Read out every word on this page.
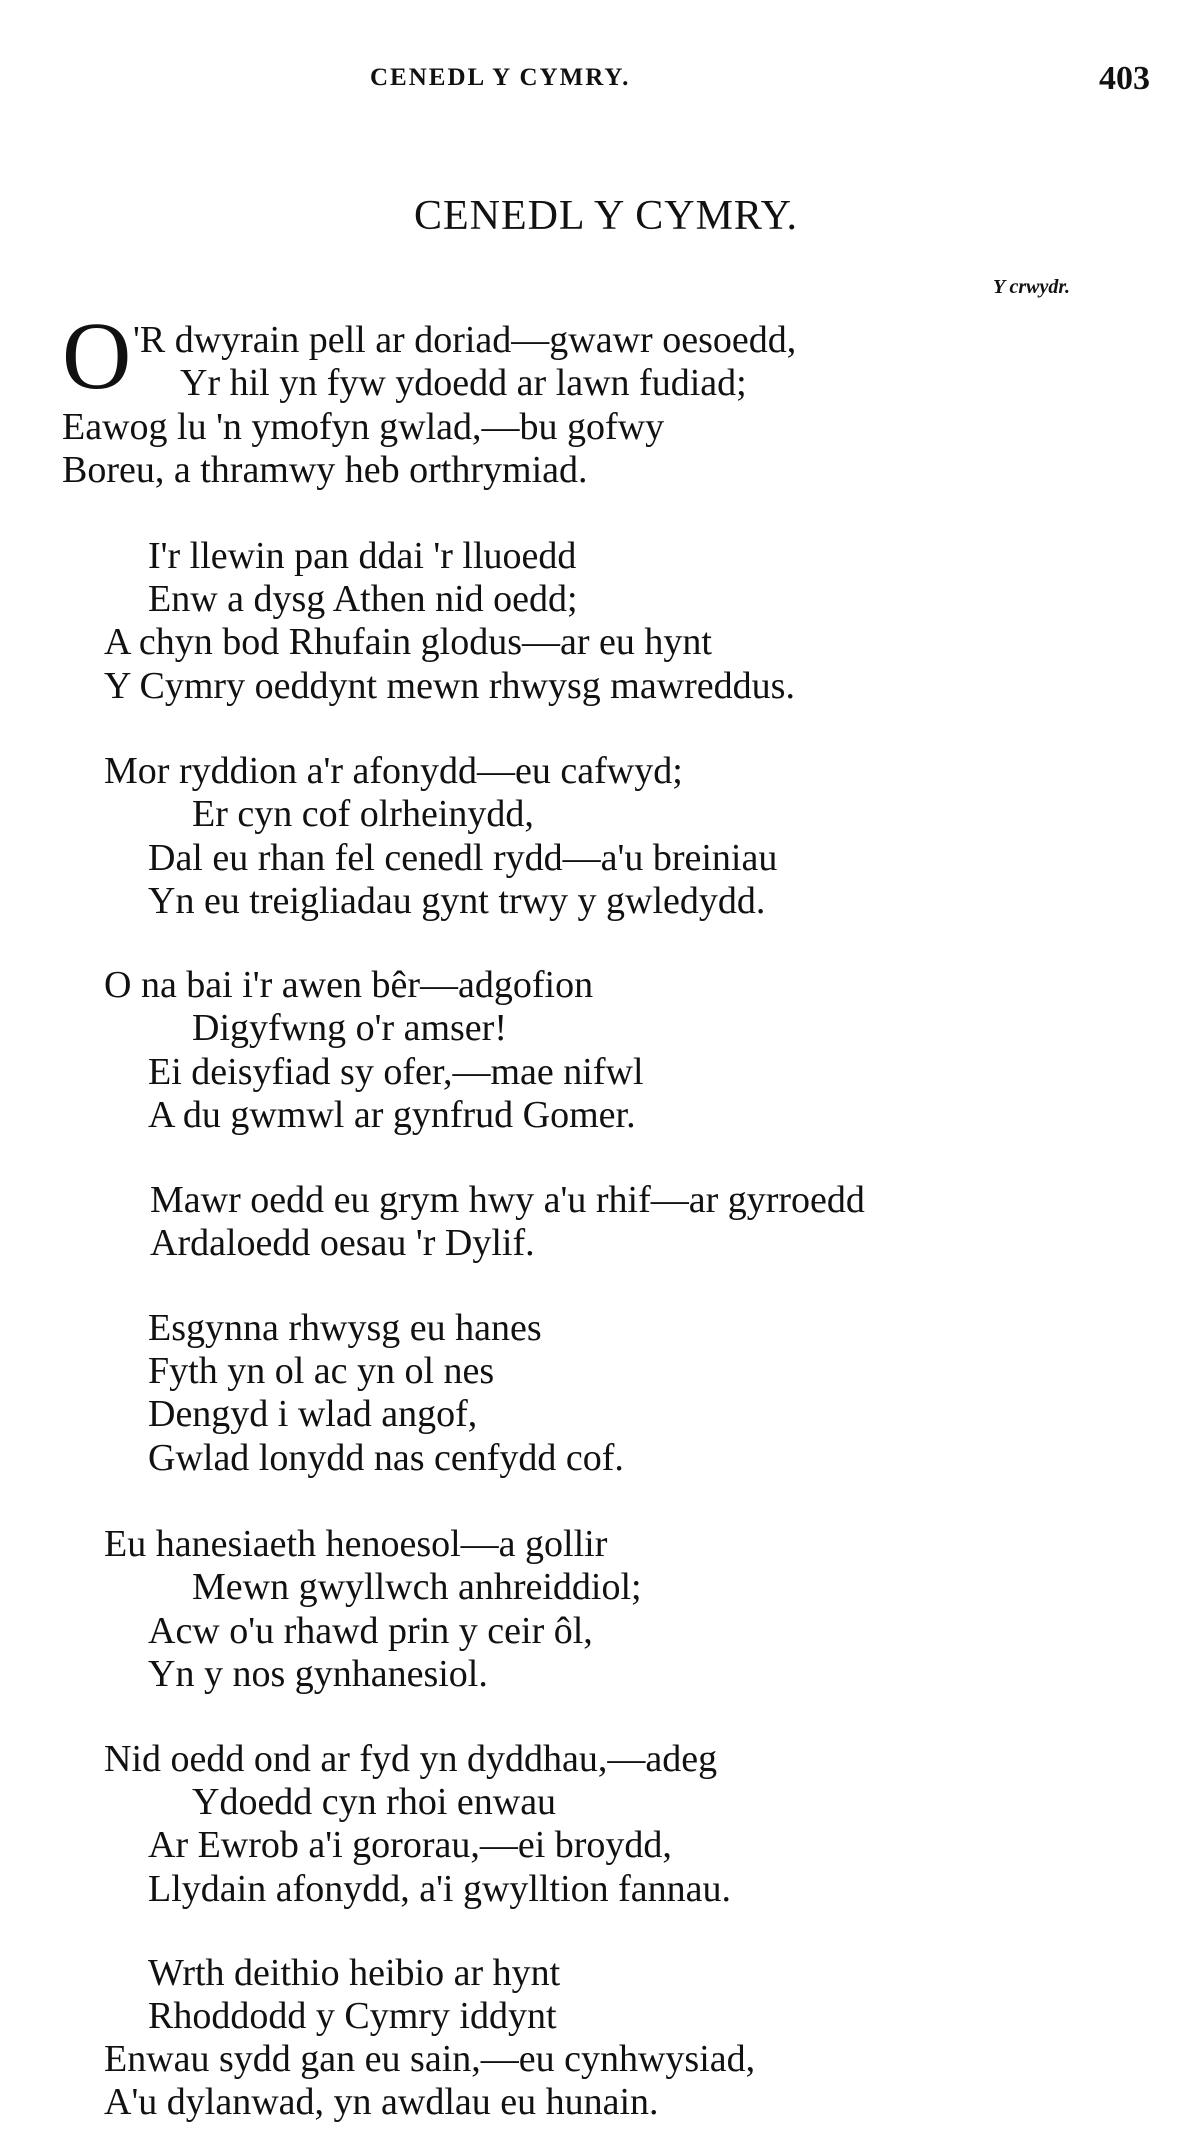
CENEDL Y CYMRY.	403
CENEDL Y CYMRY.
Y crwydr.
O 'R dwyrain pell ar doriad—gwawr oesoedd,
Yr hil yn fyw ydoedd ar lawn fudiad;
Eawog lu 'n ymofyn gwlad,—bu gofwy
Boreu, a thramwy heb orthrymiad.
I'r llewin pan ddai 'r lluoedd
Enw a dysg Athen nid oedd;
A chyn bod Rhufain glodus—ar eu hynt
Y Cymry oeddynt mewn rhwysg mawreddus.
Mor ryddion a'r afonydd—eu cafwyd;
Er cyn cof olrheinydd,
Dal eu rhan fel cenedl rydd—a'u breiniau
Yn eu treigliadau gynt trwy y gwledydd.
O na bai i'r awen bêr—adgofion
Digyfwng o'r amser!
Ei deisyfiad sy ofer,—mae nifwl
A du gwmwl ar gynfrud Gomer.
Mawr oedd eu grym hwy a'u rhif—ar gyrroedd
Ardaloedd oesau 'r Dylif.
Esgynna rhwysg eu hanes
Fyth yn ol ac yn ol nes
Dengyd i wlad angof,
Gwlad lonydd nas cenfydd cof.
Eu hanesiaeth henoesol—a gollir
Mewn gwyllwch anhreiddiol;
Acw o'u rhawd prin y ceir ôl,
Yn y nos gynhanesiol.
Nid oedd ond ar fyd yn dyddhau,—adeg
Ydoedd cyn rhoi enwau
Ar Ewrob a'i gororau,—ei broydd,
Llydain afonydd, a'i gwylltion fannau.
Wrth deithio heibio ar hynt
Rhoddodd y Cymry iddynt
Enwau sydd gan eu sain,—eu cynhwysiad,
A'u dylanwad, yn awdlau eu hunain.
